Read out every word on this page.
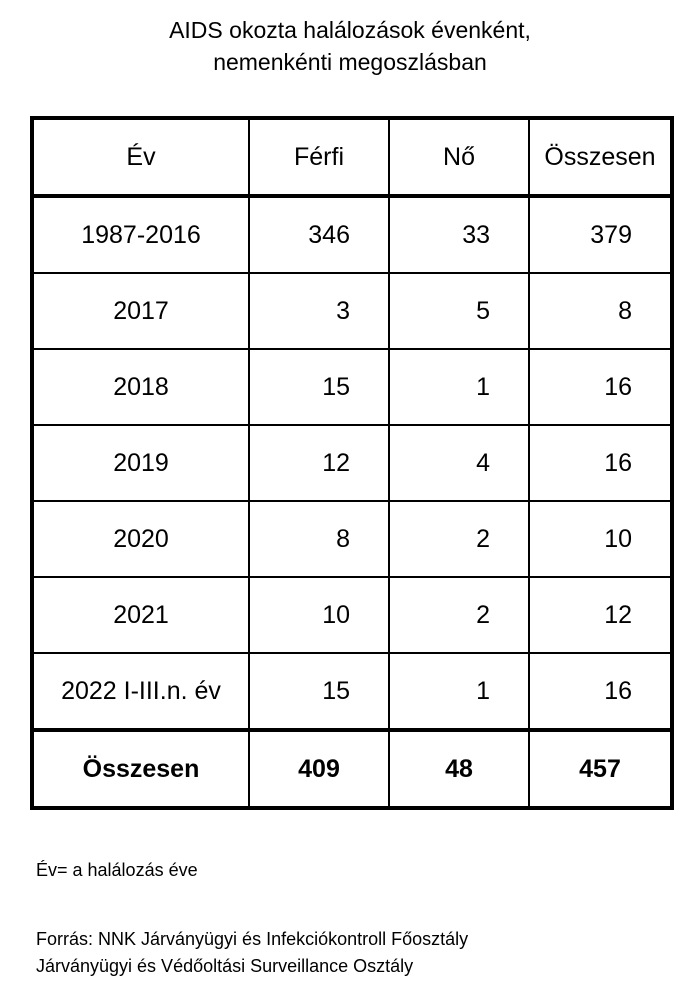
AIDS okozta halálozások évenként,
nemenkénti megoszlásban
Év	Férfi	Nő	Összesen
1987-2016	346	33	379
2017	3	5	8
2018	15	1	16
2019	12	4	16
2020	8	2	10
2021	10	2	12
2022 I-III.n. év	15	1	16
Összesen	409	48	457
Év= a halálozás éve
Forrás: NNK Járványügyi és Infekciókontroll Főosztály
Járványügyi és Védőoltási Surveillance Osztály
